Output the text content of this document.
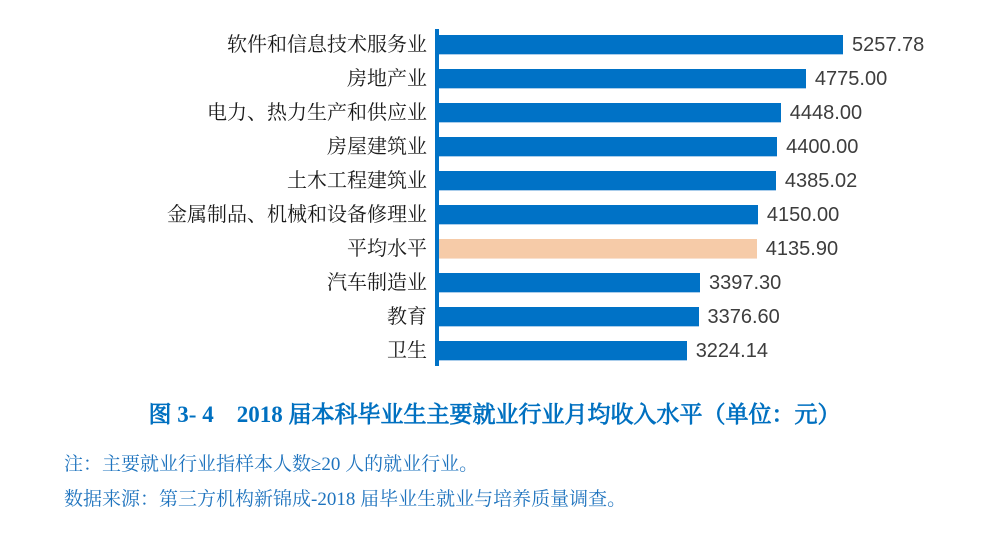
软件和信息技术服务业	5257.78
房地产业	4775.00
电力、热力生产和供应业	4448.00
房屋建筑业	4400.00
土木工程建筑业	4385.02
金属制品、机械和设备修理业	4150.00
平均水平	4135.90
汽车制造业	3397.30
教育	3376.60
卫生	3224.14
图 3- 4　2018 届本科毕业生主要就业行业月均收入水平（单位：元）
注：主要就业行业指样本人数≥20 人的就业行业。
数据来源：第三方机构新锦成-2018 届毕业生就业与培养质量调查。
